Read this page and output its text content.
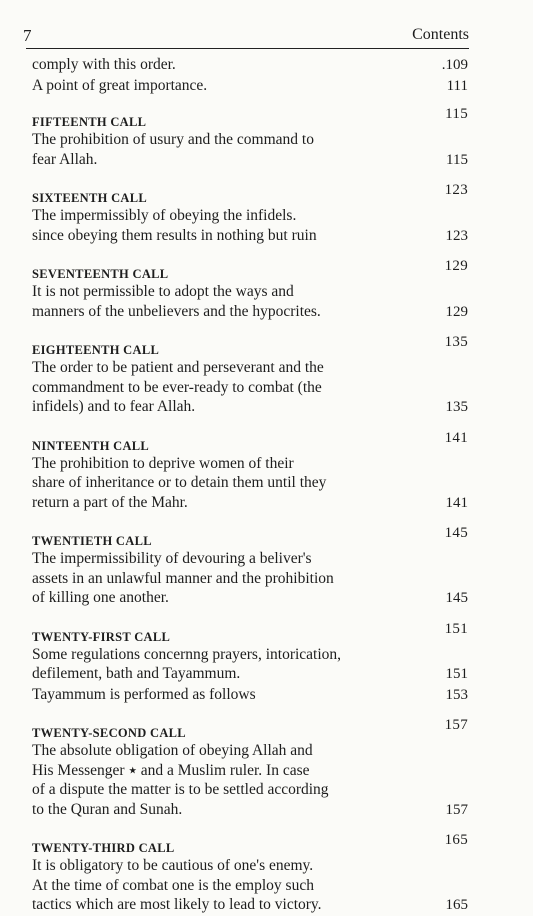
7	Contents
comply with this order.	.109
A point of great importance.	111
FIFTEENTH CALL	115
The prohibition of usury and the command to
fear Allah.	115
SIXTEENTH CALL	123
The impermissibly of obeying the infidels.
since obeying them results in nothing but ruin	123
SEVENTEENTH CALL	129
It is not permissible to adopt the ways and
manners of the unbelievers and the hypocrites.	129
EIGHTEENTH CALL	135
The order to be patient and perseverant and the
commandment to be ever-ready to combat (the
infidels) and to fear Allah.	135
NINTEENTH CALL	141
The prohibition to deprive women of their
share of inheritance or to detain them until they
return a part of the Mahr.	141
TWENTIETH CALL	145
The impermissibility of devouring a beliver's
assets in an unlawful manner and the prohibition
of killing one another.	145
TWENTY-FIRST CALL	151
Some regulations concernng prayers, intorication,
defilement, bath and Tayammum.	151
Tayammum is performed as follows	153
TWENTY-SECOND CALL	157
The absolute obligation of obeying Allah and
His Messenger ٭ and a Muslim ruler. In case
of a dispute the matter is to be settled according
to the Quran and Sunah.	157
TWENTY-THIRD CALL	165
It is obligatory to be cautious of one's enemy.
At the time of combat one is the employ such
tactics which are most likely to lead to victory.	165
